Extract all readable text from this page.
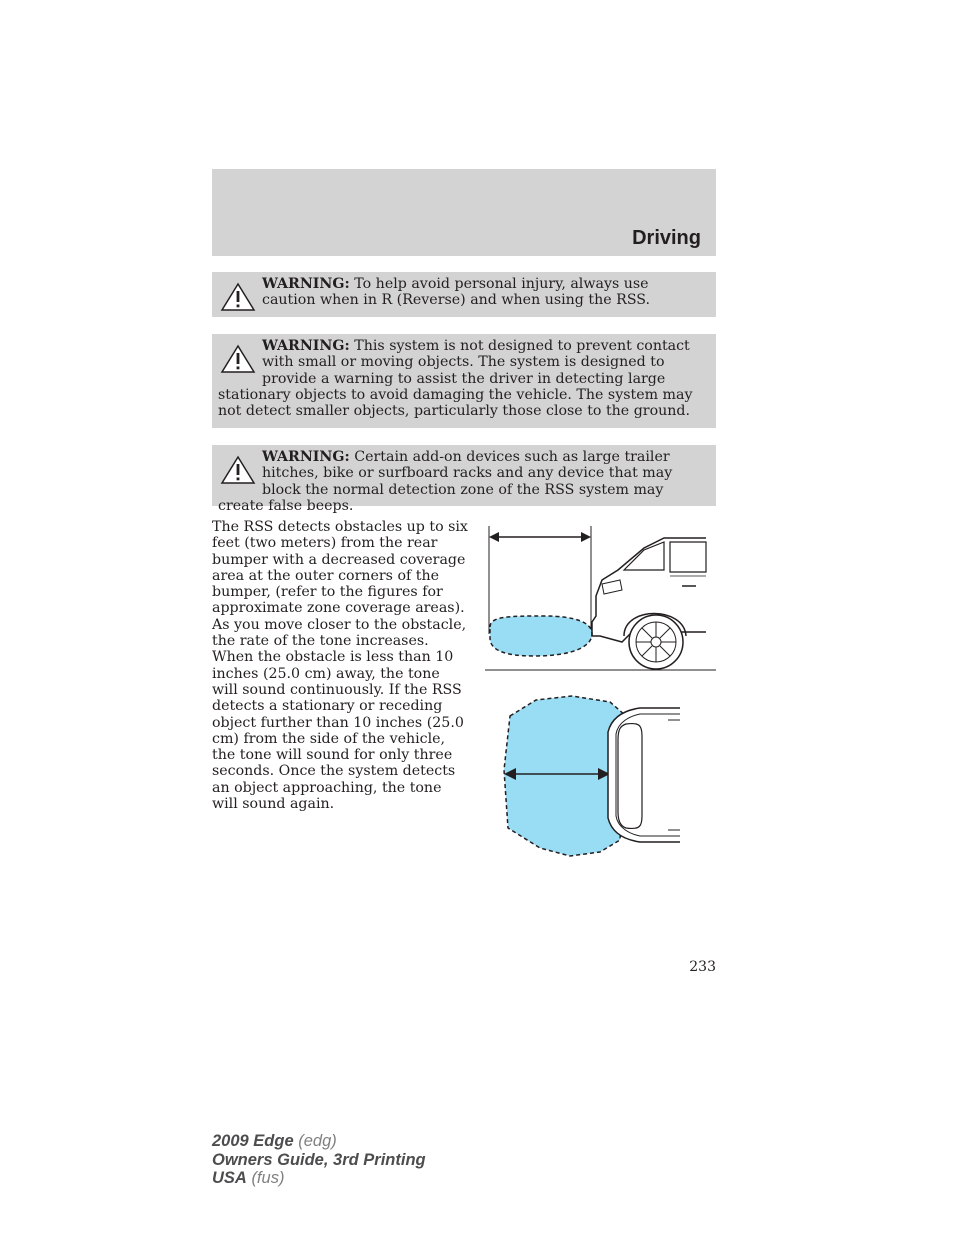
Driving
WARNING: To help avoid personal injury, always use caution when in R (Reverse) and when using the RSS.
WARNING: This system is not designed to prevent contact with small or moving objects. The system is designed to provide a warning to assist the driver in detecting large stationary objects to avoid damaging the vehicle. The system may not detect smaller objects, particularly those close to the ground.
WARNING: Certain add-on devices such as large trailer hitches, bike or surfboard racks and any device that may block the normal detection zone of the RSS system may create false beeps.
The RSS detects obstacles up to six feet (two meters) from the rear bumper with a decreased coverage area at the outer corners of the bumper, (refer to the figures for approximate zone coverage areas). As you move closer to the obstacle, the rate of the tone increases. When the obstacle is less than 10 inches (25.0 cm) away, the tone will sound continuously. If the RSS detects a stationary or receding object further than 10 inches (25.0 cm) from the side of the vehicle, the tone will sound for only three seconds. Once the system detects an object approaching, the tone will sound again.
233
2009 Edge (edg)
Owners Guide, 3rd Printing
USA (fus)
